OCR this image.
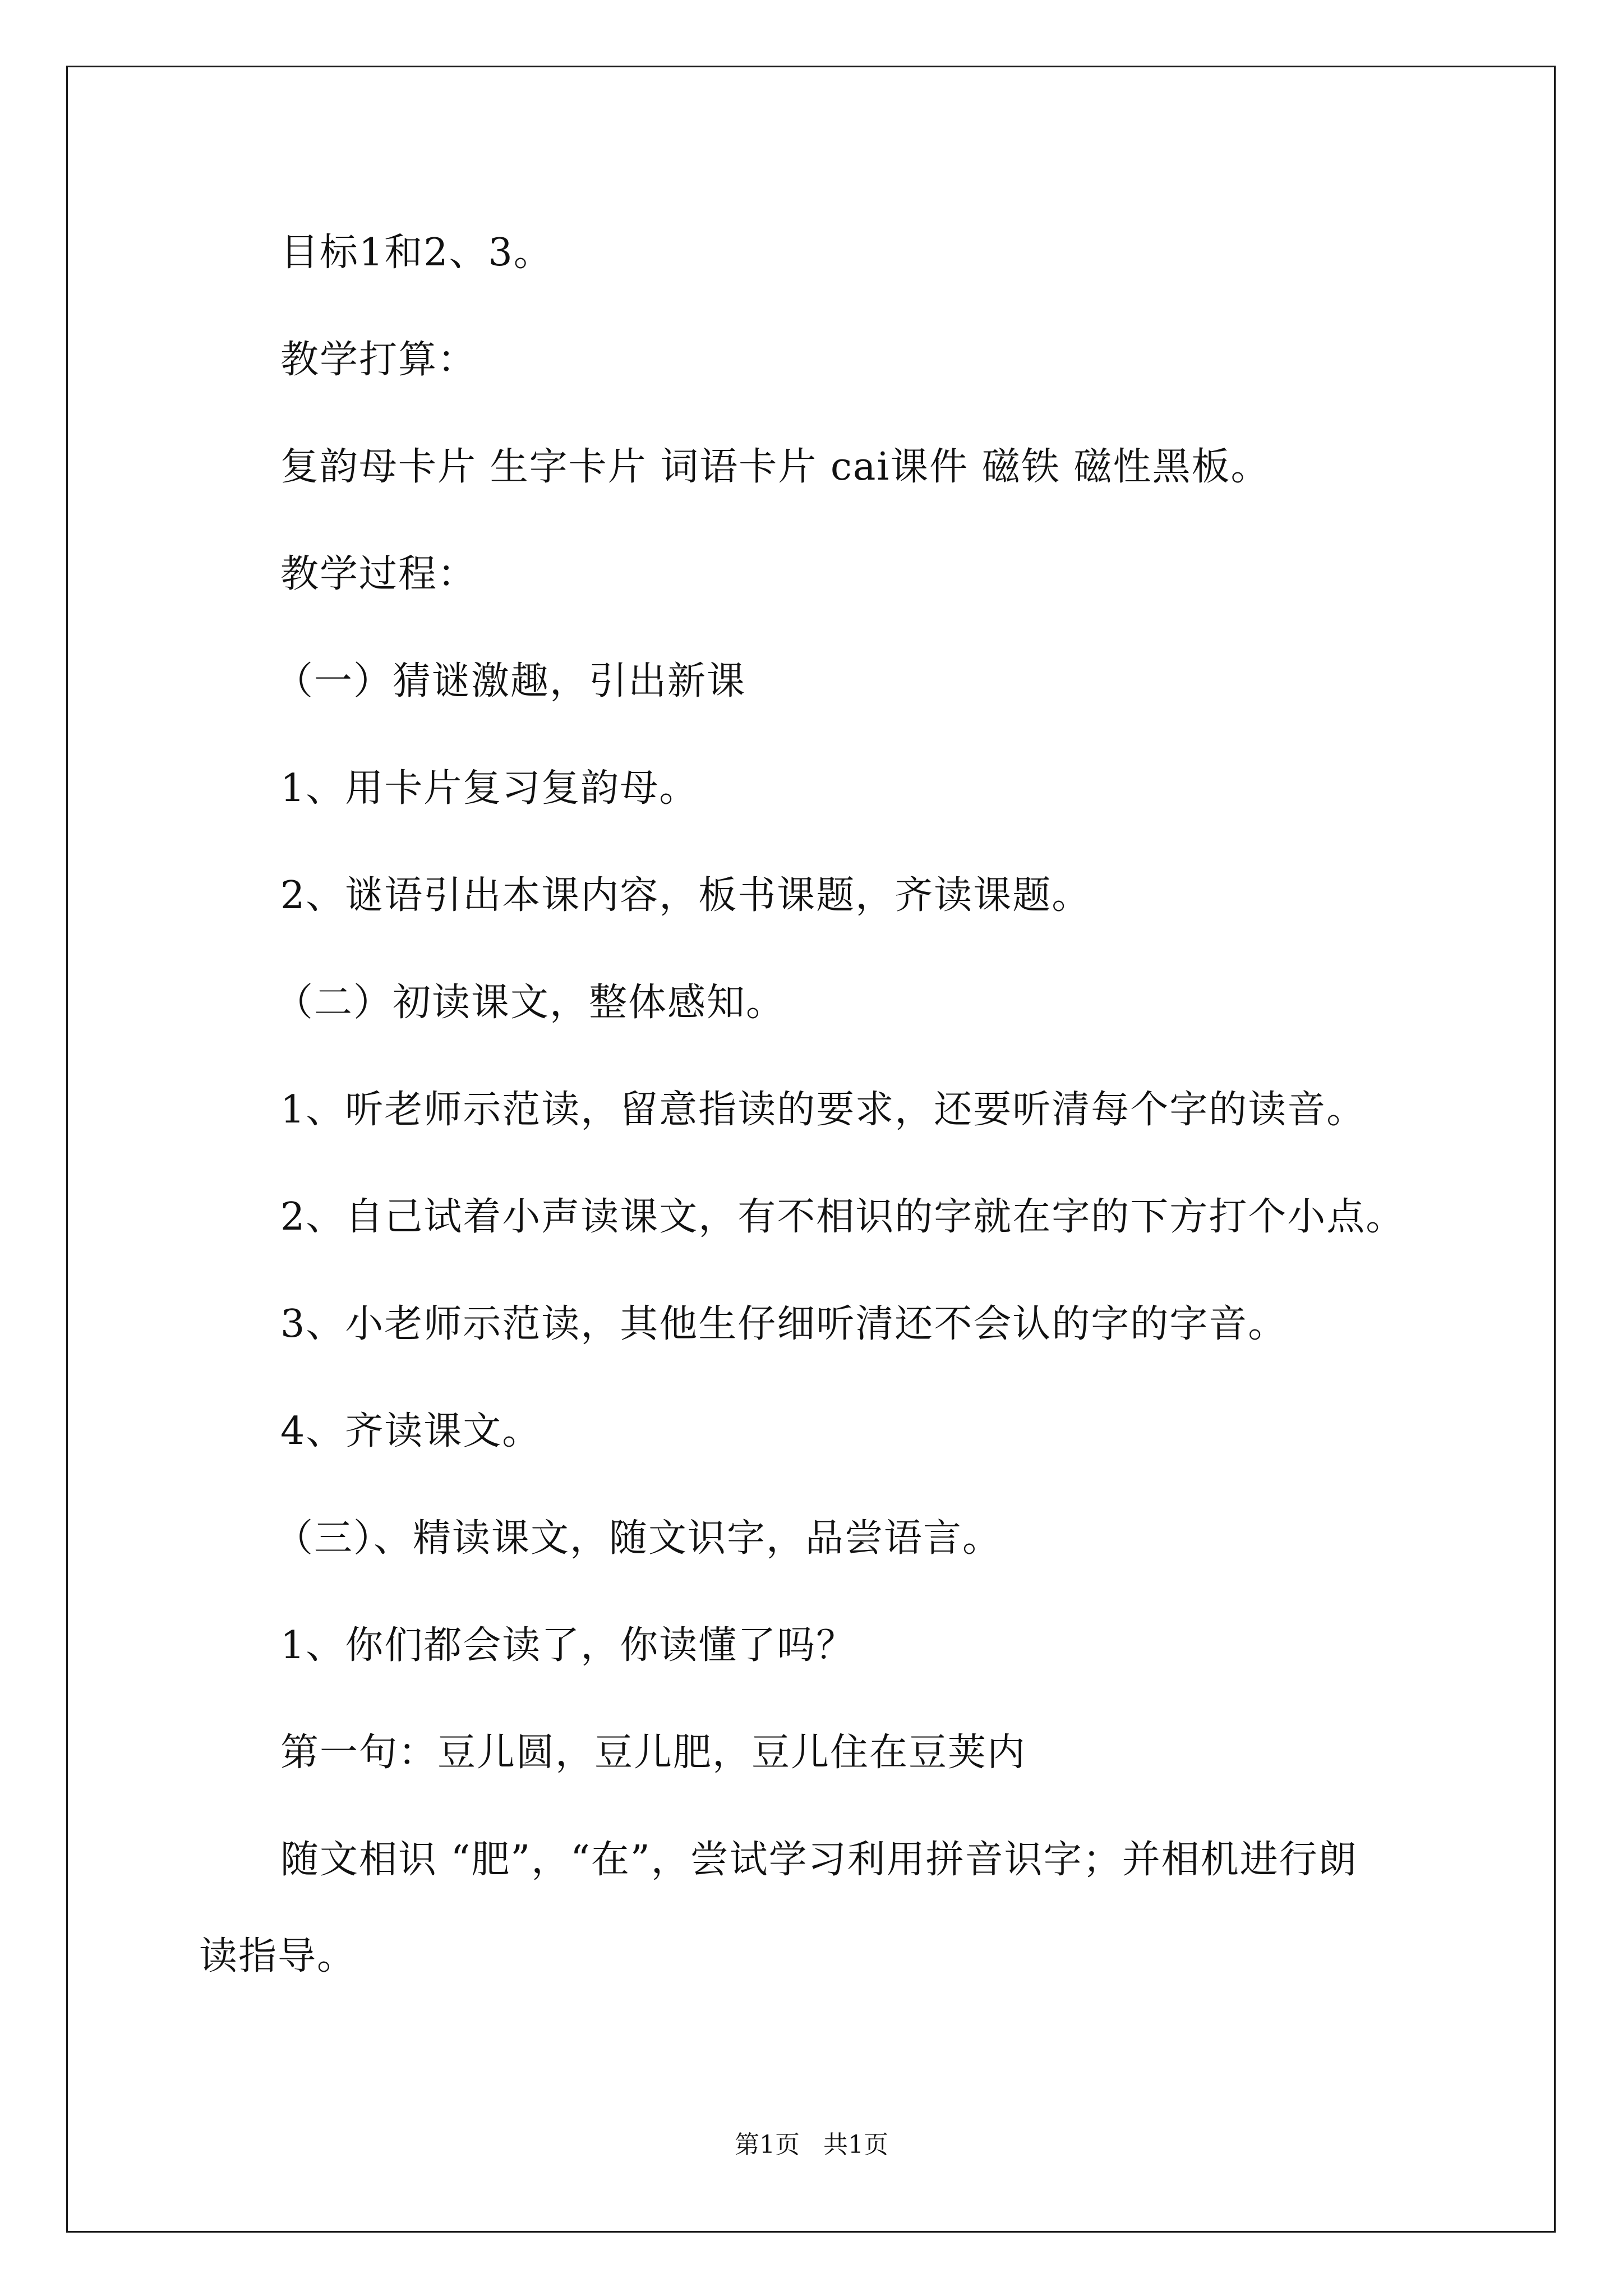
目标1和2、3。
教学打算：
复韵母卡片 生字卡片 词语卡片 cai课件 磁铁 磁性黑板。
教学过程：
（一）猜谜激趣，引出新课
1、用卡片复习复韵母。
2、谜语引出本课内容，板书课题，齐读课题。
（二）初读课文，整体感知。
1、听老师示范读，留意指读的要求，还要听清每个字的读音。
2、自己试着小声读课文，有不相识的字就在字的下方打个小点。
3、小老师示范读，其他生仔细听清还不会认的字的字音。
4、齐读课文。
（三）、精读课文，随文识字，品尝语言。
1、你们都会读了，你读懂了吗？
第一句：豆儿圆，豆儿肥，豆儿住在豆荚内
随文相识 “肥”，“在”，尝试学习利用拼音识字；并相机进行朗
读指导。
第1页   共1页
